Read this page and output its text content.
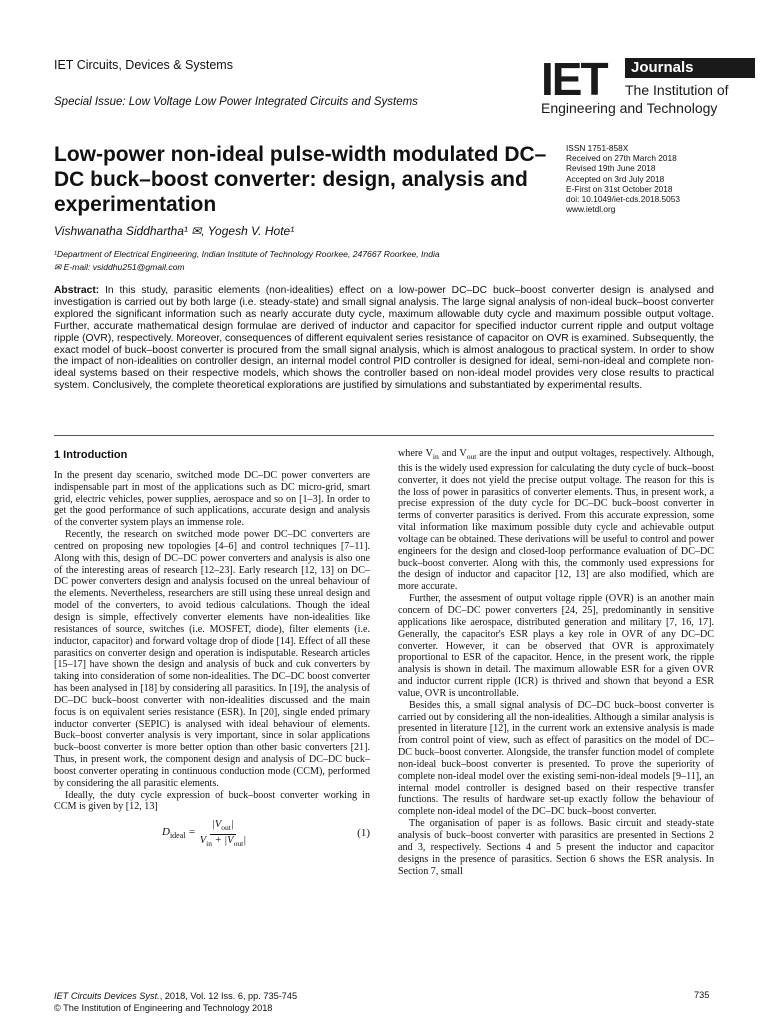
IET Circuits, Devices & Systems
Special Issue: Low Voltage Low Power Integrated Circuits and Systems	IET	Journals
The Institution of
Engineering and Technology
Low-power non-ideal pulse-width modulated DC–DC buck–boost converter: design, analysis and experimentation
ISSN 1751-858X
Received on 27th March 2018
Revised 19th June 2018
Accepted on 3rd July 2018
E-First on 31st October 2018
doi: 10.1049/iet-cds.2018.5053
www.ietdl.org
Vishwanatha Siddhartha¹ ✉, Yogesh V. Hote¹
¹Department of Electrical Engineering, Indian Institute of Technology Roorkee, 247667 Roorkee, India
✉ E-mail: vsiddhu251@gmail.com
Abstract: In this study, parasitic elements (non-idealities) effect on a low-power DC–DC buck–boost converter design is analysed and investigation is carried out by both large (i.e. steady-state) and small signal analysis. The large signal analysis of non-ideal buck–boost converter explored the significant information such as nearly accurate duty cycle, maximum allowable duty cycle and maximum possible output voltage. Further, accurate mathematical design formulae are derived of inductor and capacitor for specified inductor current ripple and output voltage ripple (OVR), respectively. Moreover, consequences of different equivalent series resistance of capacitor on OVR is examined. Subsequently, the exact model of buck–boost converter is procured from the small signal analysis, which is almost analogous to practical system. In order to show the impact of non-idealities on controller design, an internal model control PID controller is designed for ideal, semi-non-ideal and complete non-ideal systems based on their respective models, which shows the controller based on non-ideal model provides very close results to practical system. Conclusively, the complete theoretical explorations are justified by simulations and substantiated by experimental results.
1 Introduction

In the present day scenario, switched mode DC–DC power converters are indispensable part in most of the applications such as DC micro-grid, smart grid, electric vehicles, power supplies, aerospace and so on [1–3]. In order to get the good performance of such applications, accurate design and analysis of the converter system plays an immense role.

Recently, the research on switched mode power DC–DC converters are centred on proposing new topologies [4–6] and control techniques [7–11]. Along with this, design of DC–DC power converters and analysis is also one of the interesting areas of research [12–23]. Early research [12, 13] on DC–DC power converters design and analysis focused on the unreal behaviour of the elements. Nevertheless, researchers are still using these unreal design and model of the converters, to avoid tedious calculations. Though the ideal design is simple, effectively converter elements have non-idealities like resistances of source, switches (i.e. MOSFET, diode), filter elements (i.e. inductor, capacitor) and forward voltage drop of diode [14]. Effect of all these parasitics on converter design and operation is indisputable. Research articles [15–17] have shown the design and analysis of buck and cuk converters by taking into consideration of some non-idealities. The DC–DC boost converter has been analysed in [18] by considering all parasitics. In [19], the analysis of DC–DC buck–boost converter with non-idealities discussed and the main focus is on equivalent series resistance (ESR). In [20], single ended primary inductor converter (SEPIC) is analysed with ideal behaviour of elements. Buck–boost converter analysis is very important, since in solar applications buck–boost converter is more better option than other basic converters [21]. Thus, in present work, the component design and analysis of DC–DC buck–boost converter operating in continuous conduction mode (CCM), performed by considering the all parasitic elements.

Ideally, the duty cycle expression of buck–boost converter working in CCM is given by [12, 13]

$D_{ideal} = \frac{|V_{out}|}{V_{in} + |V_{out}|}$	(1)

where $V_{in}$ and $V_{out}$ are the input and output voltages, respectively. Although, this is the widely used expression for calculating the duty cycle of buck–boost converter, it does not yield the precise output voltage. The reason for this is the loss of power in parasitics of converter elements. Thus, in present work, a precise expression of the duty cycle for DC–DC buck–boost converter in terms of converter parasitics is derived. From this accurate expression, some vital information like maximum possible duty cycle and achievable output voltage can be obtained. These derivations will be useful to control and power engineers for the design and closed-loop performance evaluation of DC–DC buck–boost converter. Along with this, the commonly used expressions for the design of inductor and capacitor [12, 13] are also modified, which are more accurate.

Further, the assesment of output voltage ripple (OVR) is an another main concern of DC–DC power converters [24, 25], predominantly in sensitive applications like aerospace, distributed generation and military [7, 16, 17]. Generally, the capacitor's ESR plays a key role in OVR of any DC–DC converter. However, it can be observed that OVR is approximately proportional to ESR of the capacitor. Hence, in the present work, the ripple analysis is shown in detail. The maximum allowable ESR for a given OVR and inductor current ripple (ICR) is thrived and shown that beyond a ESR value, OVR is uncontrollable.

Besides this, a small signal analysis of DC–DC buck–boost converter is carried out by considering all the non-idealities. Although a similar analysis is presented in literature [12], in the current work an extensive analysis is made from control point of view, such as effect of parasitics on the model of DC–DC buck–boost converter. Alongside, the transfer function model of complete non-ideal buck–boost converter is presented. To prove the superiority of complete non-ideal model over the existing semi-non-ideal models [9–11], an internal model controller is designed based on their respective transfer functions. The results of hardware set-up exactly follow the behaviour of complete non-ideal model of the DC–DC buck–boost converter.

The organisation of paper is as follows. Basic circuit and steady-state analysis of buck–boost converter with parasitics are presented in Sections 2 and 3, respectively. Sections 4 and 5 present the inductor and capacitor designs in the presence of parasitics. Section 6 shows the ESR analysis. In Section 7, small

IET Circuits Devices Syst., 2018, Vol. 12 Iss. 6, pp. 735-745
© The Institution of Engineering and Technology 2018
735
